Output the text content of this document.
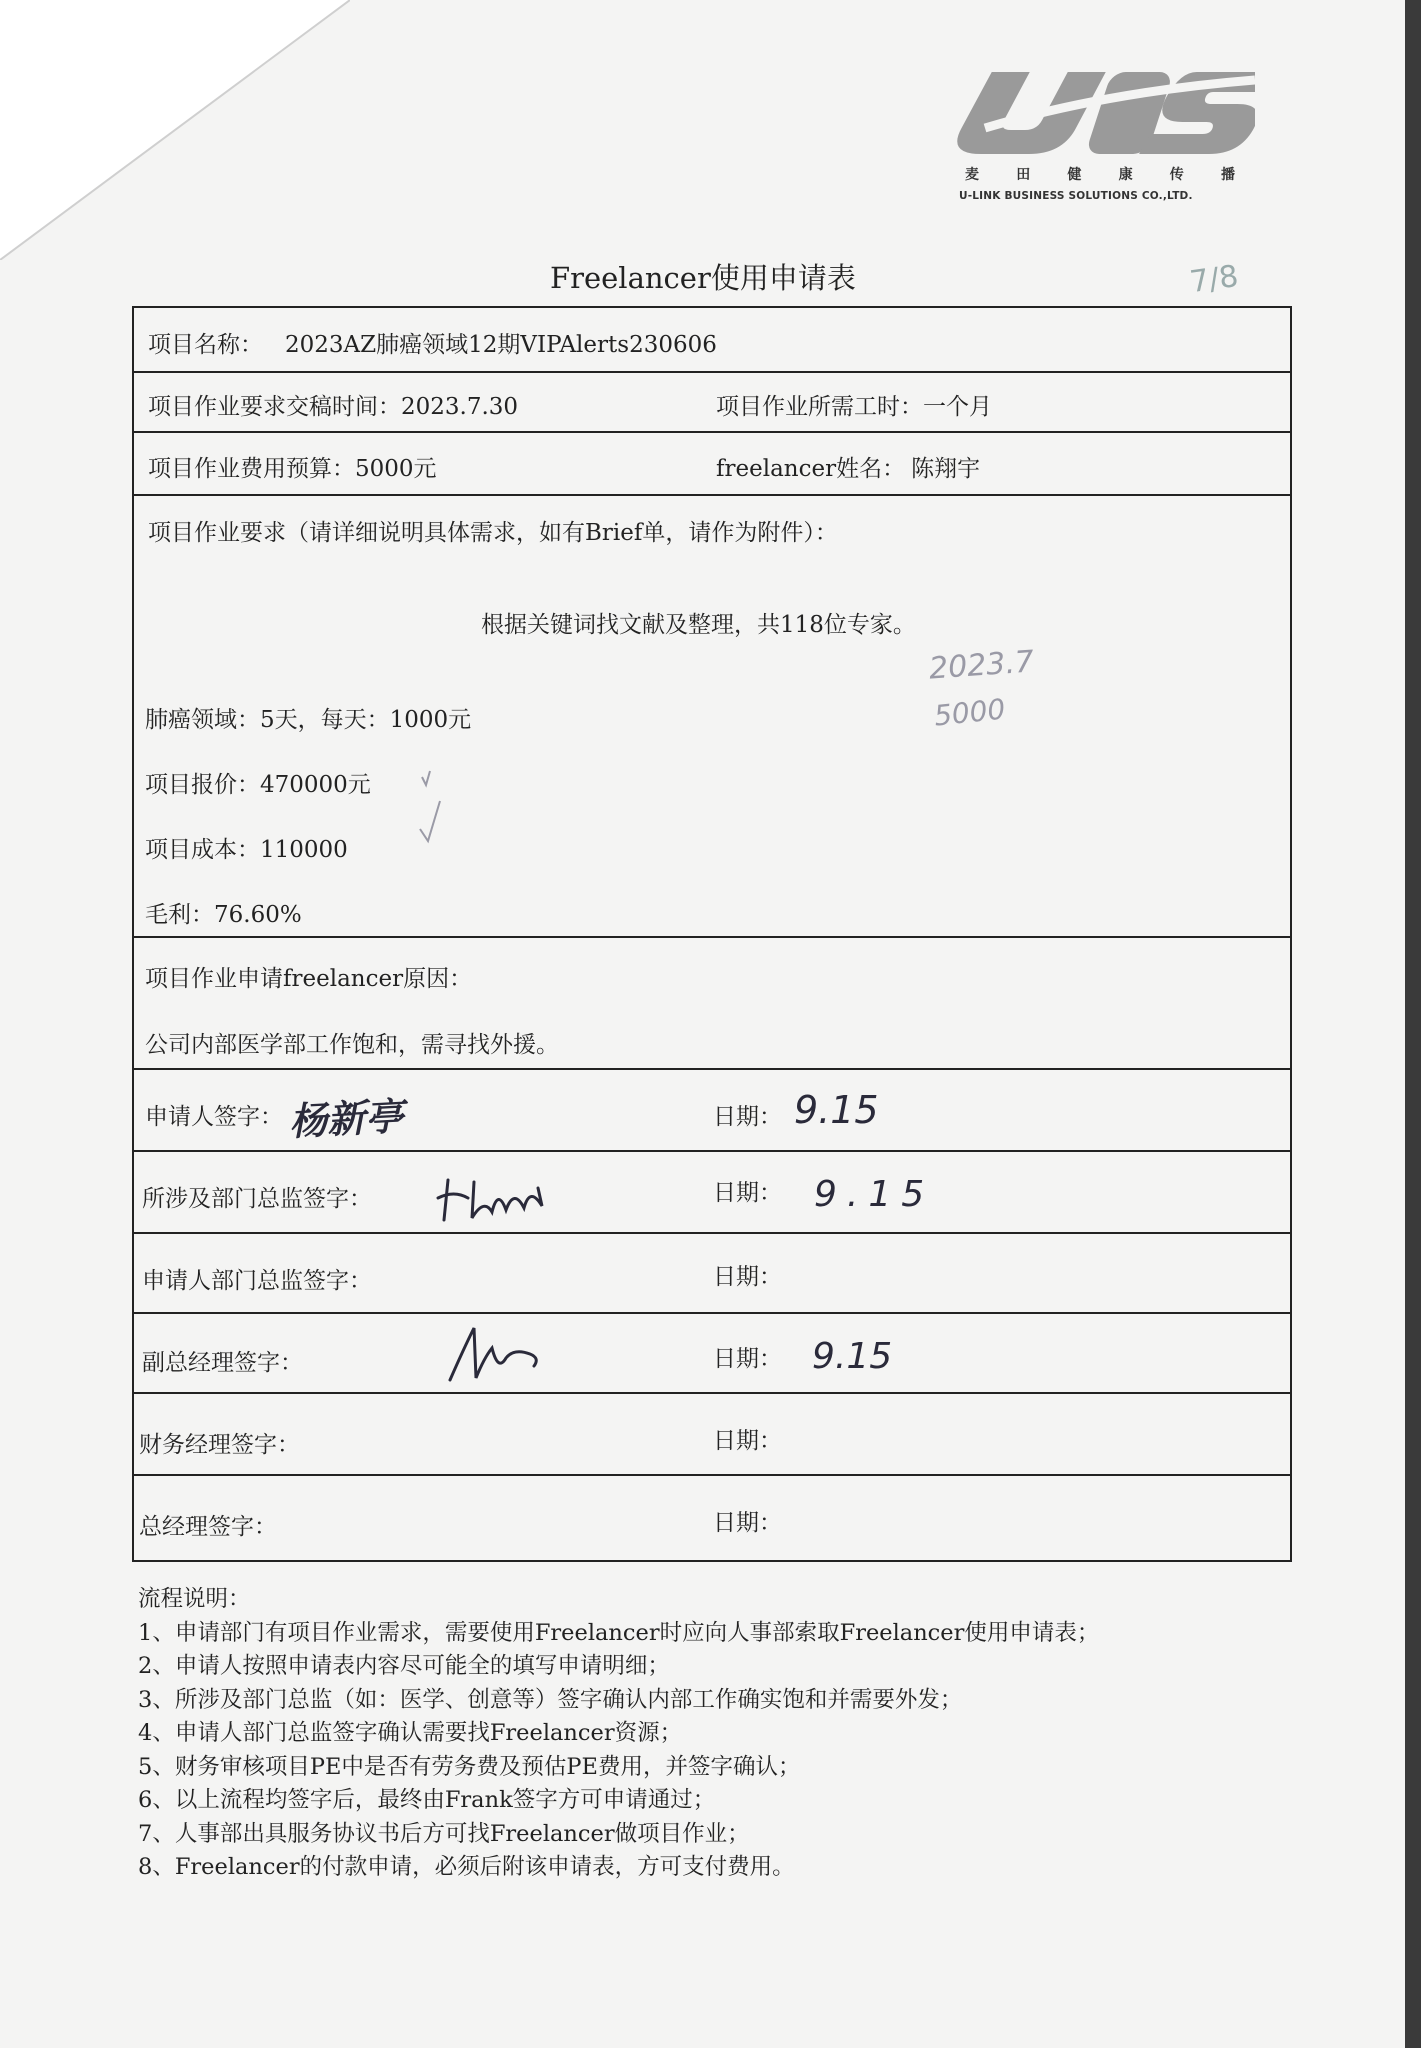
麦	田	健	康	传	播
U-LINK BUSINESS SOLUTIONS CO.,LTD.
Freelancer使用申请表	7/8
项目名称： 2023AZ肺癌领域12期VIPAlerts230606
项目作业要求交稿时间：2023.7.30	项目作业所需工时：一个月
项目作业费用预算：5000元	freelancer姓名： 陈翔宇
项目作业要求（请详细说明具体需求，如有Brief单，请作为附件）：
根据关键词找文献及整理，共118位专家。
2023.7
5000
肺癌领域：5天，每天：1000元
项目报价：470000元
项目成本：110000
毛利：76.60%
项目作业申请freelancer原因：
公司内部医学部工作饱和，需寻找外援。
申请人签字： 杨新亭	日期： 9.15
所涉及部门总监签字：	日期： 9.15
申请人部门总监签字：	日期：
副总经理签字：	日期： 9.15
财务经理签字：	日期：
总经理签字：	日期：
流程说明：
1、申请部门有项目作业需求，需要使用Freelancer时应向人事部索取Freelancer使用申请表；
2、申请人按照申请表内容尽可能全的填写申请明细；
3、所涉及部门总监（如：医学、创意等）签字确认内部工作确实饱和并需要外发；
4、申请人部门总监签字确认需要找Freelancer资源；
5、财务审核项目PE中是否有劳务费及预估PE费用，并签字确认；
6、以上流程均签字后，最终由Frank签字方可申请通过；
7、人事部出具服务协议书后方可找Freelancer做项目作业；
8、Freelancer的付款申请，必须后附该申请表，方可支付费用。
